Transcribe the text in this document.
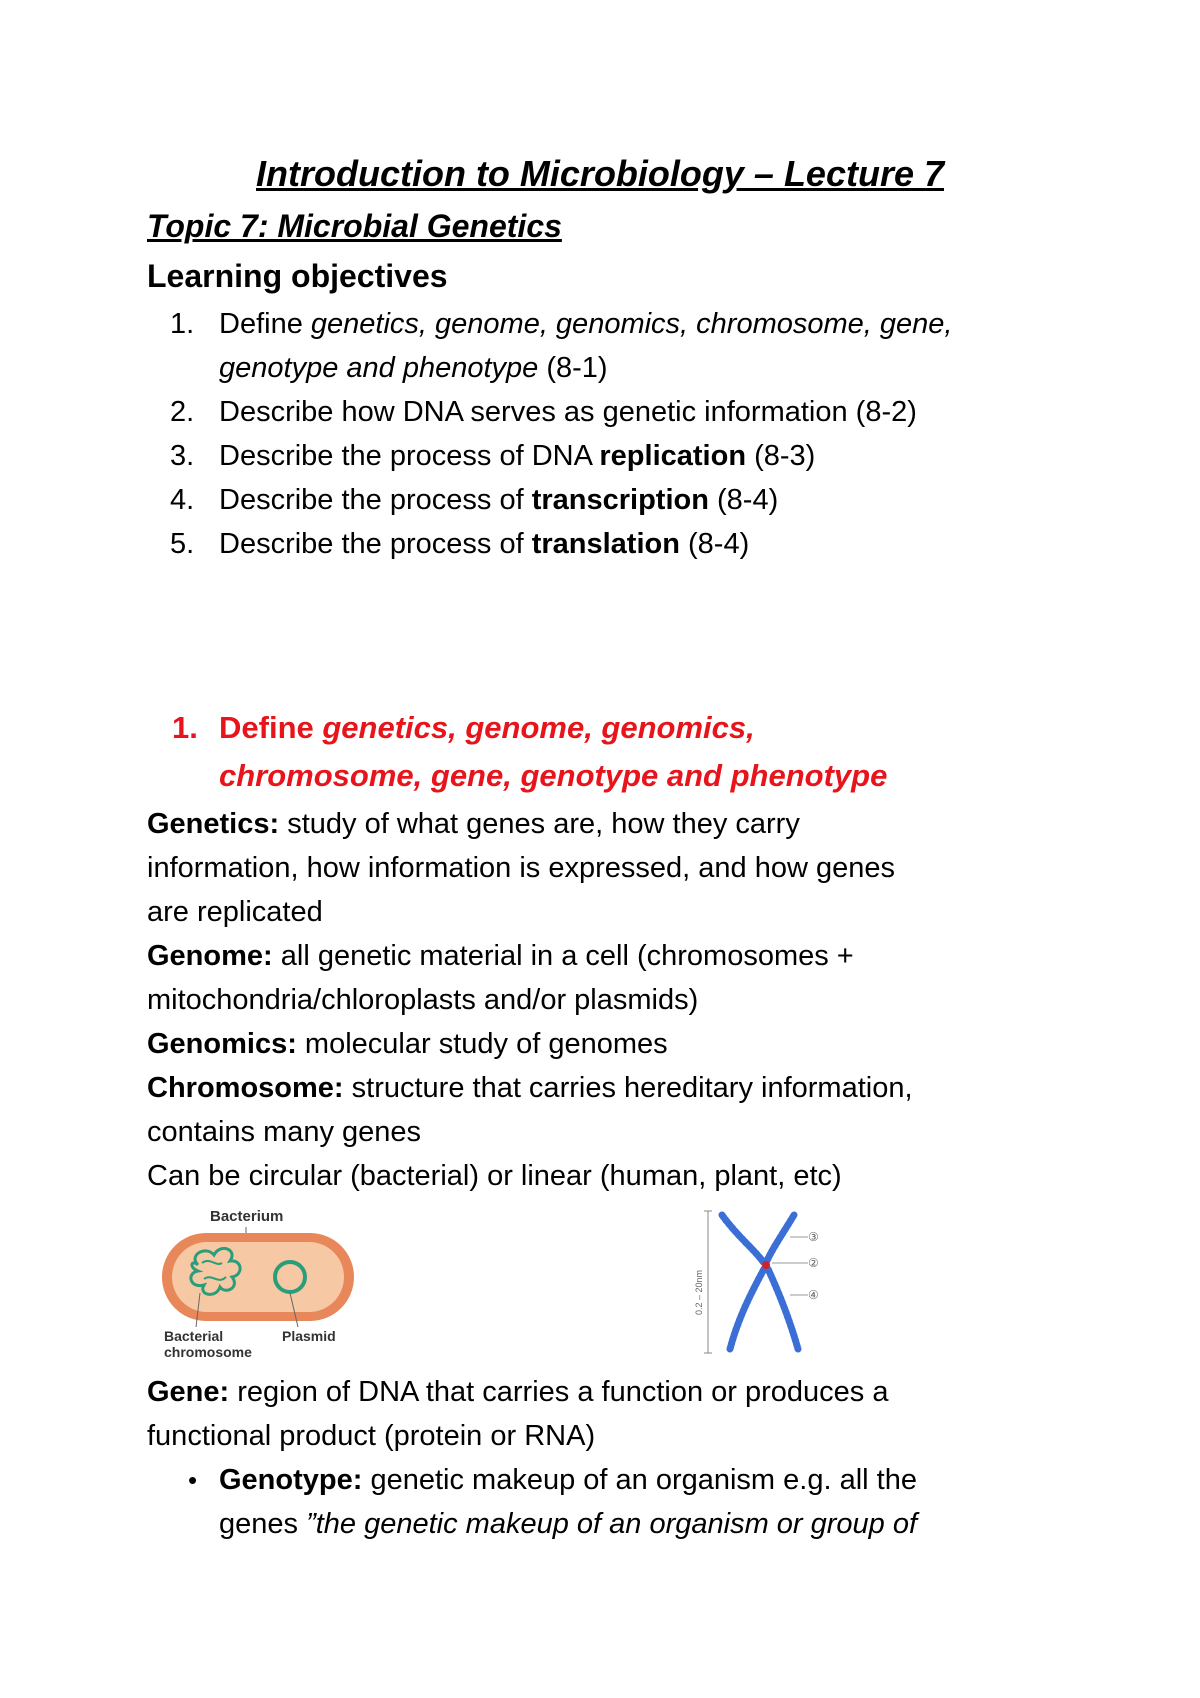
Introduction to Microbiology – Lecture 7
Topic 7: Microbial Genetics
Learning objectives
1. Define genetics, genome, genomics, chromosome, gene,
genotype and phenotype (8-1)
2. Describe how DNA serves as genetic information (8-2)
3. Describe the process of DNA replication (8-3)
4. Describe the process of transcription (8-4)
5. Describe the process of translation (8-4)
1. Define genetics, genome, genomics,
chromosome, gene, genotype and phenotype
Genetics: study of what genes are, how they carry
information, how information is expressed, and how genes
are replicated
Genome: all genetic material in a cell (chromosomes +
mitochondria/chloroplasts and/or plasmids)
Genomics: molecular study of genomes
Chromosome: structure that carries hereditary information,
contains many genes
Can be circular (bacterial) or linear (human, plant, etc)
Bacterium
Bacterial
chromosome
Plasmid
0.2 – 20nm
③
②
④
Gene: region of DNA that carries a function or produces a
functional product (protein or RNA)
• Genotype: genetic makeup of an organism e.g. all the
genes ”the genetic makeup of an organism or group of
